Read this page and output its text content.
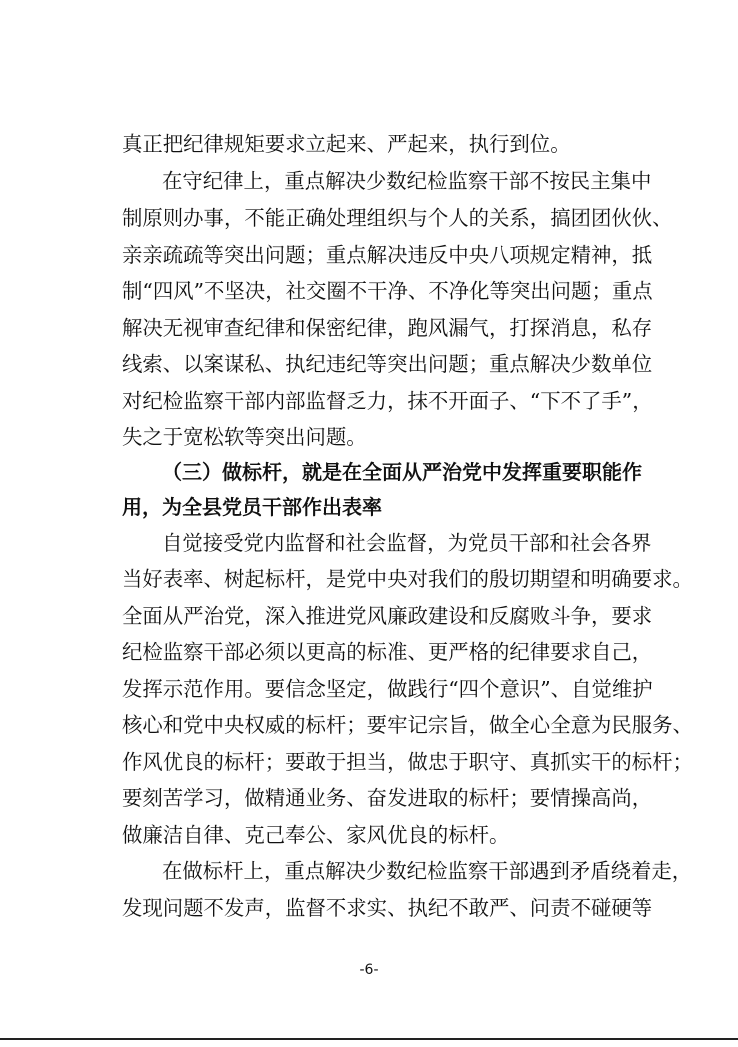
真正把纪律规矩要求立起来、严起来，执行到位。
在守纪律上，重点解决少数纪检监察干部不按民主集中
制原则办事，不能正确处理组织与个人的关系，搞团团伙伙、
亲亲疏疏等突出问题；重点解决违反中央八项规定精神，抵
制“四风”不坚决，社交圈不干净、不净化等突出问题；重点
解决无视审查纪律和保密纪律，跑风漏气，打探消息，私存
线索、以案谋私、执纪违纪等突出问题；重点解决少数单位
对纪检监察干部内部监督乏力，抹不开面子、“下不了手”，
失之于宽松软等突出问题。
（三）做标杆，就是在全面从严治党中发挥重要职能作
用，为全县党员干部作出表率
自觉接受党内监督和社会监督，为党员干部和社会各界
当好表率、树起标杆，是党中央对我们的殷切期望和明确要求。
全面从严治党，深入推进党风廉政建设和反腐败斗争，要求
纪检监察干部必须以更高的标准、更严格的纪律要求自己，
发挥示范作用。要信念坚定，做践行“四个意识”、自觉维护
核心和党中央权威的标杆；要牢记宗旨，做全心全意为民服务、
作风优良的标杆；要敢于担当，做忠于职守、真抓实干的标杆；
要刻苦学习，做精通业务、奋发进取的标杆；要情操高尚，
做廉洁自律、克己奉公、家风优良的标杆。
在做标杆上，重点解决少数纪检监察干部遇到矛盾绕着走，
发现问题不发声，监督不求实、执纪不敢严、问责不碰硬等
-6-
